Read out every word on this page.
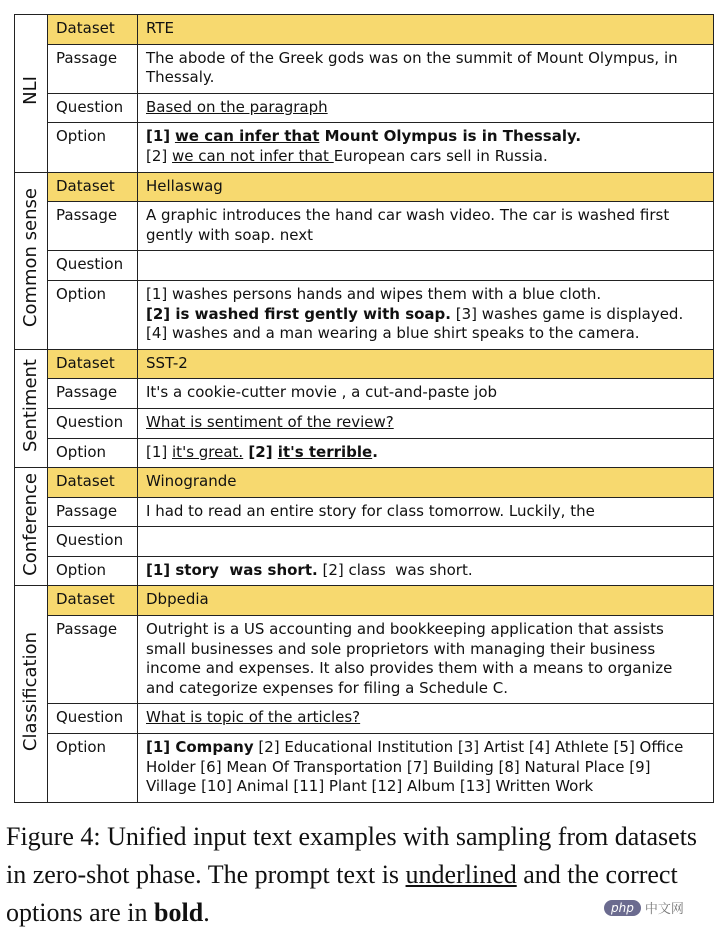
NLI	Dataset	RTE
	Passage	The abode of the Greek gods was on the summit of Mount Olympus, in Thessaly.
	Question	Based on the paragraph
	Option	[1] we can infer that Mount Olympus is in Thessaly.
[2] we can not infer that European cars sell in Russia.

Common sense	Dataset	Hellaswag
	Passage	A graphic introduces the hand car wash video. The car is washed first gently with soap. next
	Question	
	Option	[1] washes persons hands and wipes them with a blue cloth.
[2] is washed first gently with soap. [3] washes game is displayed.
[4] washes and a man wearing a blue shirt speaks to the camera.

Sentiment	Dataset	SST-2
	Passage	It's a cookie-cutter movie , a cut-and-paste job
	Question	What is sentiment of the review?
	Option	[1] it's great. [2] it's terrible.
Conference	Dataset	Winogrande
	Passage	I had to read an entire story for class tomorrow. Luckily, the
	Question	
	Option	[1] story  was short. [2] class  was short.
Classification	Dataset	Dbpedia
	Passage	Outright is a US accounting and bookkeeping application that assists small businesses and sole proprietors with managing their business income and expenses. It also provides them with a means to organize and categorize expenses for filing a Schedule C.
	Question	What is topic of the articles?
	Option	[1] Company [2] Educational Institution [3] Artist [4] Athlete [5] Office Holder [6] Mean Of Transportation [7] Building [8] Natural Place [9] Village [10] Animal [11] Plant [12] Album [13] Written Work
Figure 4: Unified input text examples with sampling from datasets in zero-shot phase. The prompt text is underlined and the correct options are in bold.	php 中文网
